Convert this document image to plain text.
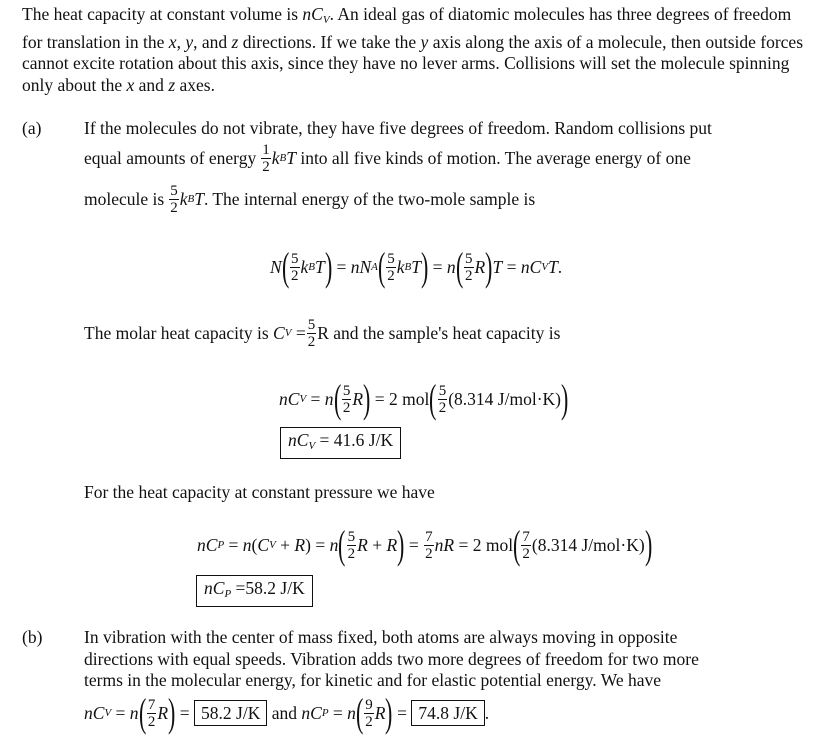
The heat capacity at constant volume is $nC_V$. An ideal gas of diatomic molecules has three degrees of freedom for translation in the x, y, and z directions. If we take the y axis along the axis of a molecule, then outside forces cannot excite rotation about this axis, since they have no lever arms. Collisions will set the molecule spinning only about the x and z axes.
(a) If the molecules do not vibrate, they have five degrees of freedom. Random collisions put
equal amounts of energy $\frac{1}{2}$ k B T
into all five kinds of motion. The average energy of one
molecule is $\frac{5}{2}$ k B T . The internal energy of the two-mole sample is
N ( $\frac{5}{2}$ k B T ) = nN A ( $\frac{5}{2}$ k B T ) = n ( $\frac{5}{2}$ R ) T = nC V T .
The molar heat capacity is
C $V = \frac{5}{2}$ R and the sample's heat capacity is
nC V = n ( $\frac{5}{2}$ R ) = 2 mol ( $\frac{5}{2} (8.314$ J/mol·K) )
$nC_V = 41.6$ J/K
For the heat capacity at constant pressure we have
nC P = n ( C V + R ) = n ( $\frac{5}{2}$ R + R ) = $\frac{7}{2}$ nR = 2 mol ( $\frac{7}{2} (8.314$ J/mol·K) )
$nC_P =58.2$ J/K
(b) In vibration with the center of mass fixed, both atoms are always moving in opposite
directions with equal speeds. Vibration adds two more degrees of freedom for two more
terms in the molecular energy, for kinetic and for elastic potential energy. We have
nC V = n ( $\frac{7}{2}$ R ) = 58.2 J/K
and
nC P = n ( $\frac{9}{2}$ R ) = 74.8 J/K .
